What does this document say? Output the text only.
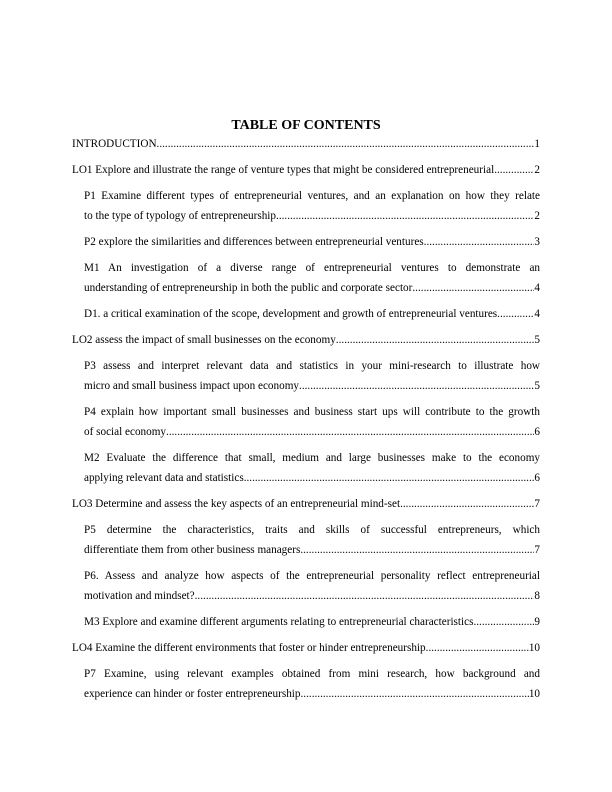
TABLE OF CONTENTS
INTRODUCTION .....	1
LO1 Explore and illustrate the range of venture types that might be considered entrepreneurial .....	2
P1 Examine different types of entrepreneurial ventures, and an explanation on how they relate
to the type of typology of entrepreneurship .....	2
P2 explore the similarities and differences between entrepreneurial ventures .....	3
M1 An investigation of a diverse range of entrepreneurial ventures to demonstrate an
understanding of entrepreneurship in both the public and corporate sector .....	4
D1. a critical examination of the scope, development and growth of entrepreneurial ventures .....	4
LO2 assess the impact of small businesses on the economy .....	5
P3 assess and interpret relevant data and statistics in your mini-research to illustrate how
micro and small business impact upon economy .....	5
P4 explain how important small businesses and business start ups will contribute to the growth
of social economy .....	6
M2 Evaluate the difference that small, medium and large businesses make to the economy
applying relevant data and statistics .....	6
LO3 Determine and assess the key aspects of an entrepreneurial mind-set .....	7
P5 determine the characteristics, traits and skills of successful entrepreneurs, which
differentiate them from other business managers .....	7
P6. Assess and analyze how aspects of the entrepreneurial personality reflect entrepreneurial
motivation and mindset? .....	8
M3 Explore and examine different arguments relating to entrepreneurial characteristics .....	9
LO4 Examine the different environments that foster or hinder entrepreneurship .....	10
P7 Examine, using relevant examples obtained from mini research, how background and
experience can hinder or foster entrepreneurship .....	10
